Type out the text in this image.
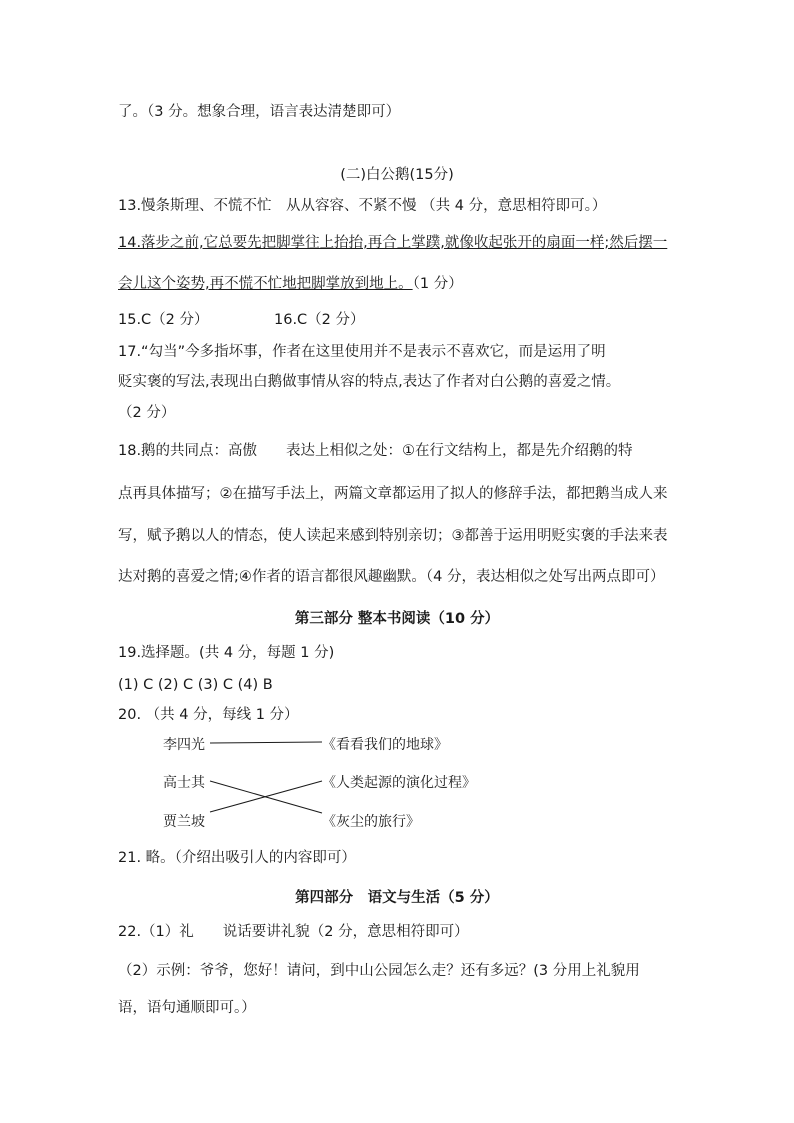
了。（3 分。想象合理，语言表达清楚即可）
(二)白公鹅(15分)
13.慢条斯理、不慌不忙　从从容容、不紧不慢 （共 4 分，意思相符即可。）
14.落步之前,它总要先把脚掌往上抬抬,再合上掌蹼,就像收起张开的扇面一样;然后摆一
会儿这个姿势,再不慌不忙地把脚掌放到地上。（1 分）
15.C（2 分）	16.C（2 分）
17.“勾当”今多指坏事，作者在这里使用并不是表示不喜欢它，而是运用了明
贬实褒的写法,表现出白鹅做事情从容的特点,表达了作者对白公鹅的喜爱之情。
（2 分）
18.鹅的共同点：高傲　　表达上相似之处：①在行文结构上，都是先介绍鹅的特
点再具体描写；②在描写手法上，两篇文章都运用了拟人的修辞手法，都把鹅当成人来
写，赋予鹅以人的情态，使人读起来感到特别亲切；③都善于运用明贬实褒的手法来表
达对鹅的喜爱之情;④作者的语言都很风趣幽默。（4 分，表达相似之处写出两点即可）
第三部分 整本书阅读（10 分）
19.选择题。(共 4 分，每题 1 分)
(1) C (2) C (3) C (4) B
20. （共 4 分，每线 1 分）
李四光
高士其
贾兰坡
《看看我们的地球》
《人类起源的演化过程》
《灰尘的旅行》
21. 略。（介绍出吸引人的内容即可）
第四部分　语文与生活（5 分）
22.（1）礼　　说话要讲礼貌（2 分，意思相符即可）
（2）示例：爷爷，您好！请问，到中山公园怎么走？还有多远？(3 分用上礼貌用
语，语句通顺即可。）
